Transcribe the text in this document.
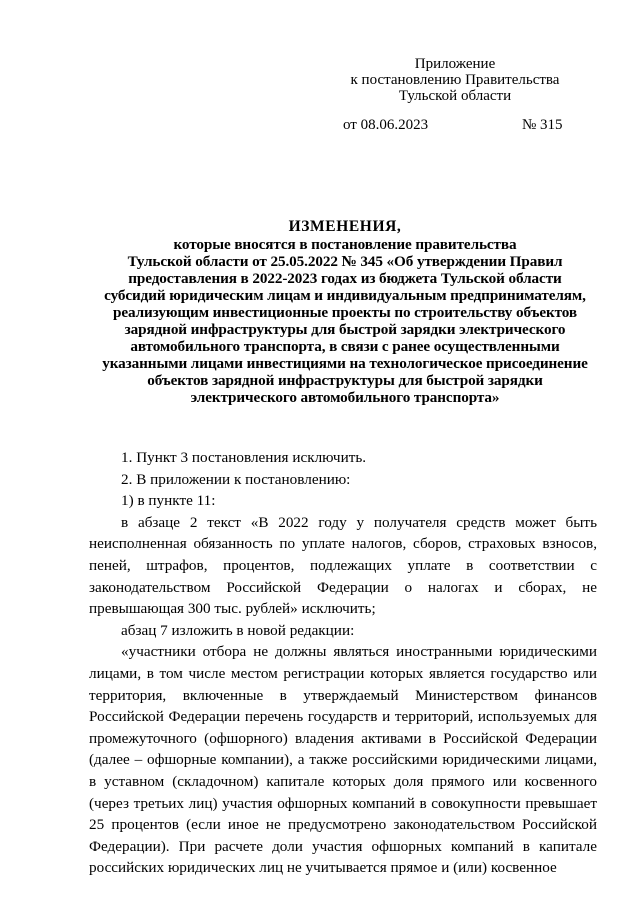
Приложение
к постановлению Правительства
Тульской области
от 08.06.2023	№ 315
ИЗМЕНЕНИЯ,
которые вносятся в постановление правительства
Тульской области от 25.05.2022 № 345 «Об утверждении Правил
предоставления в 2022-2023 годах из бюджета Тульской области
субсидий юридическим лицам и индивидуальным предпринимателям,
реализующим инвестиционные проекты по строительству объектов
зарядной инфраструктуры для быстрой зарядки электрического
автомобильного транспорта, в связи с ранее осуществленными
указанными лицами инвестициями на технологическое присоединение
объектов зарядной инфраструктуры для быстрой зарядки
электрического автомобильного транспорта»

1. Пункт 3 постановления исключить.

2. В приложении к постановлению:

1) в пункте 11:

в абзаце 2 текст «В 2022 году у получателя средств может быть неисполненная обязанность по уплате налогов, сборов, страховых взносов, пеней, штрафов, процентов, подлежащих уплате в соответствии с законодательством Российской Федерации о налогах и сборах, не превышающая 300 тыс. рублей» исключить;

абзац 7 изложить в новой редакции:

«участники отбора не должны являться иностранными юридическими лицами, в том числе местом регистрации которых является государство или территория, включенные в утверждаемый Министерством финансов Российской Федерации перечень государств и территорий, используемых для промежуточного (офшорного) владения активами в Российской Федерации (далее – офшорные компании), а также российскими юридическими лицами, в уставном (складочном) капитале которых доля прямого или косвенного (через третьих лиц) участия офшорных компаний в совокупности превышает 25 процентов (если иное не предусмотрено законодательством Российской Федерации). При расчете доли участия офшорных компаний в капитале российских юридических лиц не учитывается прямое и (или) косвенное
